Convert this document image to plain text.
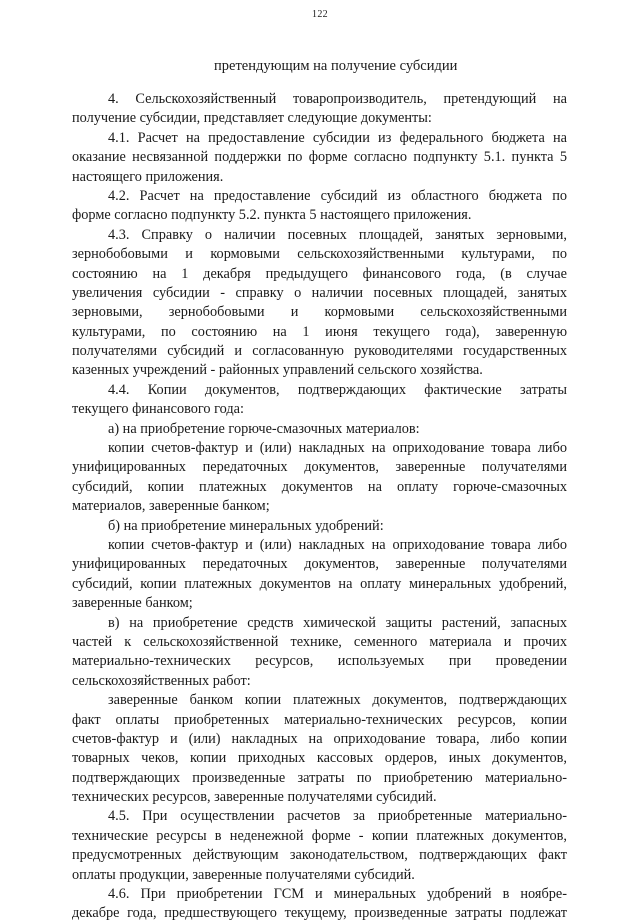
122
претендующим на получение субсидии
4. Сельскохозяйственный товаропроизводитель, претендующий на
получение субсидии, представляет следующие документы:
4.1. Расчет на предоставление субсидии из федерального бюджета на
оказание несвязанной поддержки по форме согласно подпункту 5.1. пункта 5
настоящего приложения.
4.2. Расчет на предоставление субсидий из областного бюджета по
форме согласно подпункту 5.2. пункта 5 настоящего приложения.
4.3. Справку о наличии посевных площадей, занятых зерновыми,
зернобобовыми и кормовыми сельскохозяйственными культурами, по
состоянию на 1 декабря предыдущего финансового года, (в случае
увеличения субсидии - справку о наличии посевных площадей, занятых
зерновыми, зернобобовыми и кормовыми сельскохозяйственными
культурами, по состоянию на 1 июня текущего года), заверенную
получателями субсидий и согласованную руководителями государственных
казенных учреждений - районных управлений сельского хозяйства.
4.4. Копии документов, подтверждающих фактические затраты
текущего финансового года:
а) на приобретение горюче-смазочных материалов:
копии счетов-фактур и (или) накладных на оприходование товара либо
унифицированных передаточных документов, заверенные получателями
субсидий, копии платежных документов на оплату горюче-смазочных
материалов, заверенные банком;
б) на приобретение минеральных удобрений:
копии счетов-фактур и (или) накладных на оприходование товара либо
унифицированных передаточных документов, заверенные получателями
субсидий, копии платежных документов на оплату минеральных удобрений,
заверенные банком;
в) на приобретение средств химической защиты растений, запасных
частей к сельскохозяйственной технике, семенного материала и прочих
материально-технических ресурсов, используемых при проведении
сельскохозяйственных работ:
заверенные банком копии платежных документов, подтверждающих
факт оплаты приобретенных материально-технических ресурсов, копии
счетов-фактур и (или) накладных на оприходование товара, либо копии
товарных чеков, копии приходных кассовых ордеров, иных документов,
подтверждающих произведенные затраты по приобретению материально-
технических ресурсов, заверенные получателями субсидий.
4.5. При осуществлении расчетов за приобретенные материально-
технические ресурсы в неденежной форме - копии платежных документов,
предусмотренных действующим законодательством, подтверждающих факт
оплаты продукции, заверенные получателями субсидий.
4.6. При приобретении ГСМ и минеральных удобрений в ноябре-
декабре года, предшествующего текущему, произведенные затраты подлежат
